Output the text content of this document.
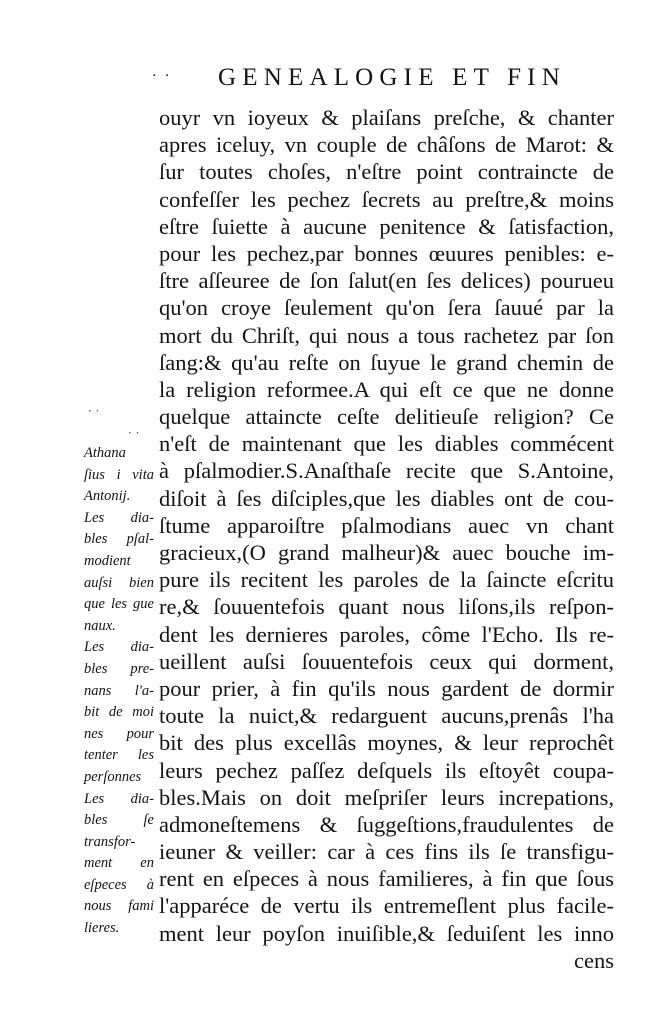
· · GENEALOGIE ET FIN
· ·
· ·
ouyr vn ioyeux & plaiſans preſche, & chanter
apres iceluy, vn couple de châſons de Marot: &
ſur toutes choſes, n'eſtre point contraincte de
confeſſer les pechez ſecrets au preſtre,& moins
eſtre ſuiette à aucune penitence & ſatisfaction,
pour les pechez,par bonnes œuures penibles: e-
ſtre aſſeuree de ſon ſalut(en ſes delices) pourueu
qu'on croye ſeulement qu'on ſera ſauué par la
mort du Chriſt, qui nous a tous rachetez par ſon
ſang:& qu'au reſte on ſuyue le grand chemin de
la religion reformee.A qui eſt ce que ne donne
quelque attaincte ceſte delitieuſe religion? Ce
n'eſt de maintenant que les diables commécent
à pſalmodier.S.Anaſthaſe recite que S.Antoine,
diſoit à ſes diſciples,que les diables ont de cou-
ſtume apparoiſtre pſalmodians auec vn chant
gracieux,(O grand malheur)& auec bouche im-
pure ils recitent les paroles de la ſaincte eſcritu
re,& ſouuentefois quant nous liſons,ils reſpon-
dent les dernieres paroles, côme l'Echo. Ils re-
ueillent auſsi ſouuentefois ceux qui dorment,
pour prier, à fin qu'ils nous gardent de dormir
toute la nuict,& redarguent aucuns,prenâs l'ha
bit des plus excellâs moynes, & leur reprochêt
leurs pechez paſſez deſquels ils eſtoyêt coupa-
bles.Mais on doit meſpriſer leurs increpations,
admoneſtemens & ſuggeſtions,fraudulentes de
ieuner & veiller: car à ces fins ils ſe transfigu-
rent en eſpeces à nous familieres, à fin que ſous
l'apparéce de vertu ils entremeſlent plus facile-
ment leur poyſon inuiſible,& ſeduiſent les inno
cens
Athana
ſius i vita
Antonij.
Les dia-
bles pſal-
modient
auſsi bien
que les gue
naux.
Les dia-
bles pre-
nans l'a-
bit de moi
nes pour
tenter les
perſonnes
Les dia-
bles ſe
transfor-
ment en
eſpeces à
nous fami
lieres.
